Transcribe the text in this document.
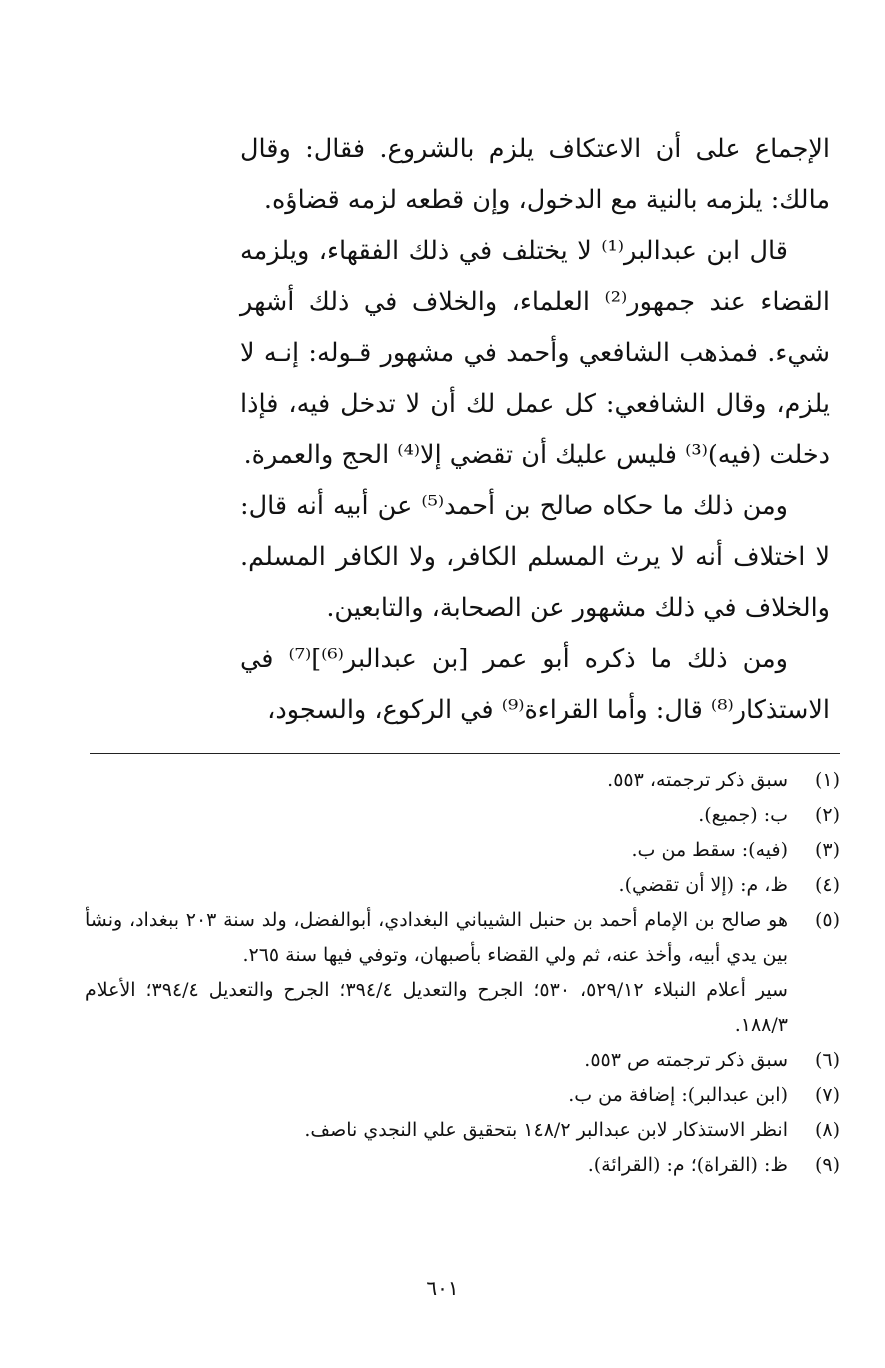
الإجماع على أن الاعتكاف يلزم بالشروع. فقال: وقال مالك: يلزمه بالنية مع الدخول، وإن قطعه لزمه قضاؤه.

قال ابن عبدالبر⁽¹⁾ لا يختلف في ذلك الفقهاء، ويلزمه القضاء عند جمهور⁽²⁾ العلماء، والخلاف في ذلك أشهر شيء. فمذهب الشافعي وأحمد في مشهور قـوله: إنـه لا يلزم، وقال الشافعي: كل عمل لك أن لا تدخل فيه، فإذا دخلت (فيه)⁽³⁾ فليس عليك أن تقضي إلا⁽⁴⁾ الحج والعمرة.

ومن ذلك ما حكاه صالح بن أحمد⁽⁵⁾ عن أبيه أنه قال: لا اختلاف أنه لا يرث المسلم الكافر، ولا الكافر المسلم. والخلاف في ذلك مشهور عن الصحابة، والتابعين.

ومن ذلك ما ذكره أبو عمر [بن عبدالبر⁽⁶⁾]⁽⁷⁾ في الاستذكار⁽⁸⁾ قال: وأما القراءة⁽⁹⁾ في الركوع، والسجود،

(١)
سبق ذكر ترجمته، ٥٥٣.
(٢)
ب: (جميع).
(٣)
(فيه): سقط من ب.
(٤)
ظ، م: (إلا أن تقضي).
(٥)
هو صالح بن الإمام أحمد بن حنبل الشيباني البغدادي، أبوالفضل، ولد سنة ٢٠٣ ببغداد، ونشأ بين يدي أبيه، وأخذ عنه، ثم ولي القضاء بأصبهان، وتوفي فيها سنة ٢٦٥.
سير أعلام النبلاء ٥٢٩/١٢، ٥٣٠؛ الجرح والتعديل ٣٩٤/٤؛ الجرح والتعديل ٣٩٤/٤؛ الأعلام ١٨٨/٣.
(٦)
سبق ذكر ترجمته ص ٥٥٣.
(٧)
(ابن عبدالبر): إضافة من ب.
(٨)
انظر الاستذكار لابن عبدالبر ١٤٨/٢ بتحقيق علي النجدي ناصف.
(٩)
ظ: (القراة)؛ م: (القرائة).
٦٠١
